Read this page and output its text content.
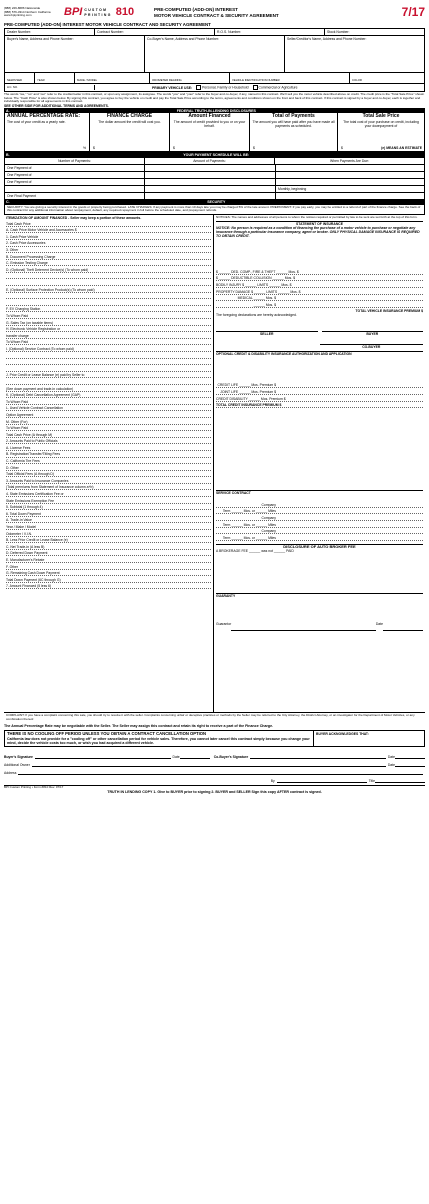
(888) 229-8686 Nationwide
(888) 576-3314 Northern California
www.bpiprinting.com	BPI CUSTOM
PRINTING 810	PRE-COMPUTED (ADD-ON) INTEREST
MOTOR VEHICLE CONTRACT & SECURITY AGREEMENT	7/17
PRE-COMPUTED (ADD-ON) INTEREST MOTOR VEHICLE CONTRACT AND SECURITY AGREEMENT
Dealer Number:	Contract Number:	R.O.S. Number:	Stock Number:
Buyer's Name, Address and Phone Number:	Co-Buyer's Name, Address and Phone Number:	Seller/Creditor's Name, Address and Phone Number:
NEW/USED	YEAR	MAKE / MODEL	ODOMETER READING	VEHICLE IDENTIFICATION NUMBER	COLOR
LIC. NO.	PRIMARY VEHICLE USE:	Personal, Family or Household	Commercial or Agriculture
The words "we," "us" and "our" refer to the creditor/seller in this contract, or upon any assignment, its assignee. The words "you" and "your" refer to the buyer and co-buyer, if any, named in this contract. We'll sell you the motor vehicle described above on credit. The credit price is the "Total Sale Price" shown below. The "Cash Price" is also shown below. By signing this contract, you agree to buy the vehicle on credit and pay the Total Sale Price according to the terms, agreements and conditions shown on the front and back of this contract. If this contract is signed by a buyer and co-buyer, each is together and individually responsible for all agreements in this contract.
SEE OTHER SIDE FOR ADDITIONAL TERMS AND AGREEMENTS.
A.	FEDERAL TRUTH-IN-LENDING DISCLOSURES
ANNUAL PERCENTAGE RATE:
The cost of your credit as a yearly rate.
%
FINANCE CHARGE
The dollar amount the credit will cost you.
$
Amount Financed
The amount of credit provided to you or on your behalf.
$
Total of Payments
The amount you will have paid after you have made all payments as scheduled.
$
Total Sale Price
The total cost of your purchase on credit, including your downpayment of
$	(e) MEANS AN ESTIMATE
B.	YOUR PAYMENT SCHEDULE WILL BE:
Number of Payments:	Amount of Payments:	When Payments Are Due:
One Payment of
One Payment of
One Payment of
Monthly, beginning
One Final Payment
C.	SECURITY
SECURITY: You are giving a security interest in the goods or property being purchased. LATE CHARGES: If any payment is more than 10 days late you may be charged 5% of the late amount. PREPAYMENT: If you pay early, you may be entitled to a refund of part of the finance charge. See the back of this contract for any additional information about nonpayment, default, any required repayment in full before the scheduled date, and prepayment refunds.
ITEMIZATION OF AMOUNT FINANCED - Seller may keep a portion of these amounts.
Total Cash Price
A. Cash Price Motor Vehicle and Accessories $
1. Cash Price Vehicle
2. Cash Price Accessories
3. Other
B. Document Processing Charge
C. Emission Testing Charge
D. (Optional) Theft Deterrent Device(s) (To whom paid)
E. (Optional) Surface Protection Product(s) (To whom paid)
F. EV Charging Station
To Whom Paid
G. Sales Tax (on taxable items)
H. Electronic Vehicle Registration or
transfer charge
To Whom Paid
I. (Optional) Service Contract (To whom paid)
J. Prior Credit or Lease Balance (e) paid by Seller to
(See down payment and trade-in calculation)
K. (Optional) Debt Cancellation Agreement (GAP)
To Whom Paid
L. Used Vehicle Contract Cancellation
Option Agreement
M. Other (For)
To Whom Paid
Total Cash Price (A through M)
2. Amounts Paid to Public Officials
A. License Fees
B. Registration/Transfer/Titling Fees
C. California Tire Fees
D. Other
Total Official Fees (A through D)
3. Amounts Paid to Insurance Companies
(Total premiums from Statement of Insurance column a+b)
4. State Emissions Certification Fee or
State Emissions Exemption Fee
5. Subtotal (1 through 4)
6. Total Down Payment
A. Trade-in Value
Year / Make / Model
Odometer / V.I.N.
B. Less Prior Credit or Lease Balance (e)
C. Net Trade-in (A less B)
D. Deferred Down Payment
E. Manufacturer's Rebate
F. Other
G. Remaining Cash Down Payment
Total Down Payment (6C through G)
7. Amount Financed (5 less 6)
NOTICES: The names and addresses of all persons to whom the notices required or permitted by law to be sent are set forth at the top of this form.
STATEMENT OF INSURANCE
NOTICE: No person is required as a condition of financing the purchase of a motor vehicle to purchase or negotiate any insurance through a particular insurance company, agent or broker. ONLY PHYSICAL DAMAGE INSURANCE IS REQUIRED TO OBTAIN CREDIT.
$ ______ DED. COMP., FIRE & THEFT ______ Mos. $
$ ______ DEDUCTIBLE COLLISION ______ Mos. $
BODILY INJURY $ ______ LIMITS ______ Mos. $
PROPERTY DAMAGE $ ______ LIMITS ______ Mos. $
MEDICAL ______ Mos. $
______ Mos. $
TOTAL VEHICLE INSURANCE PREMIUM $
The foregoing declarations are hereby acknowledged.
SELLER	BUYER
CO-BUYER
OPTIONAL CREDIT & DISABILITY INSURANCE AUTHORIZATION AND APPLICATION
CREDIT LIFE ______ Mos. Premium $
JOINT LIFE ______ Mos. Premium $
CREDIT DISABILITY ______ Mos. Premium $
TOTAL CREDIT INSURANCE PREMIUM $
SERVICE CONTRACT
Company
Term ______ Mos. or ______ Miles
Company
Term ______ Mos. or ______ Miles
Company
Term ______ Mos. or ______ Miles
DISCLOSURE OF AUTO BROKER FEE
A BROKERAGE FEE ______ was not ______ PAID
GUARANTY
Guarantor	Date
COMPLAINT: If you have a complaint concerning this sale, you should try to resolve it with the seller. Complaints concerning unfair or deceptive practices or methods by the Seller may be referred to the City Attorney, the District Attorney, or an investigator for the Department of Motor Vehicles, or any combination thereof.
The Annual Percentage Rate may be negotiable with the Seller. The Seller may assign this contract and retain its right to receive a part of the Finance Charge.
THERE IS NO COOLING OFF PERIOD UNLESS YOU OBTAIN A CONTRACT CANCELLATION OPTION
California law does not provide for a "cooling off" or other cancellation period for vehicle sales. Therefore, you cannot later cancel this contract simply because you change your mind, decide the vehicle costs too much, or wish you had acquired a different vehicle.
BUYER ACKNOWLEDGES THAT:
Buyer's Signature	Date	Co-Buyer's Signature	Date
Additional Owner	Date
Address
By	Title
BPI Custom Printing • Form #810 Rev. 07/17
TRUTH IN LENDING COPY 1. Give to BUYER prior to signing 2. BUYER and SELLER Sign this copy AFTER contract is signed.
